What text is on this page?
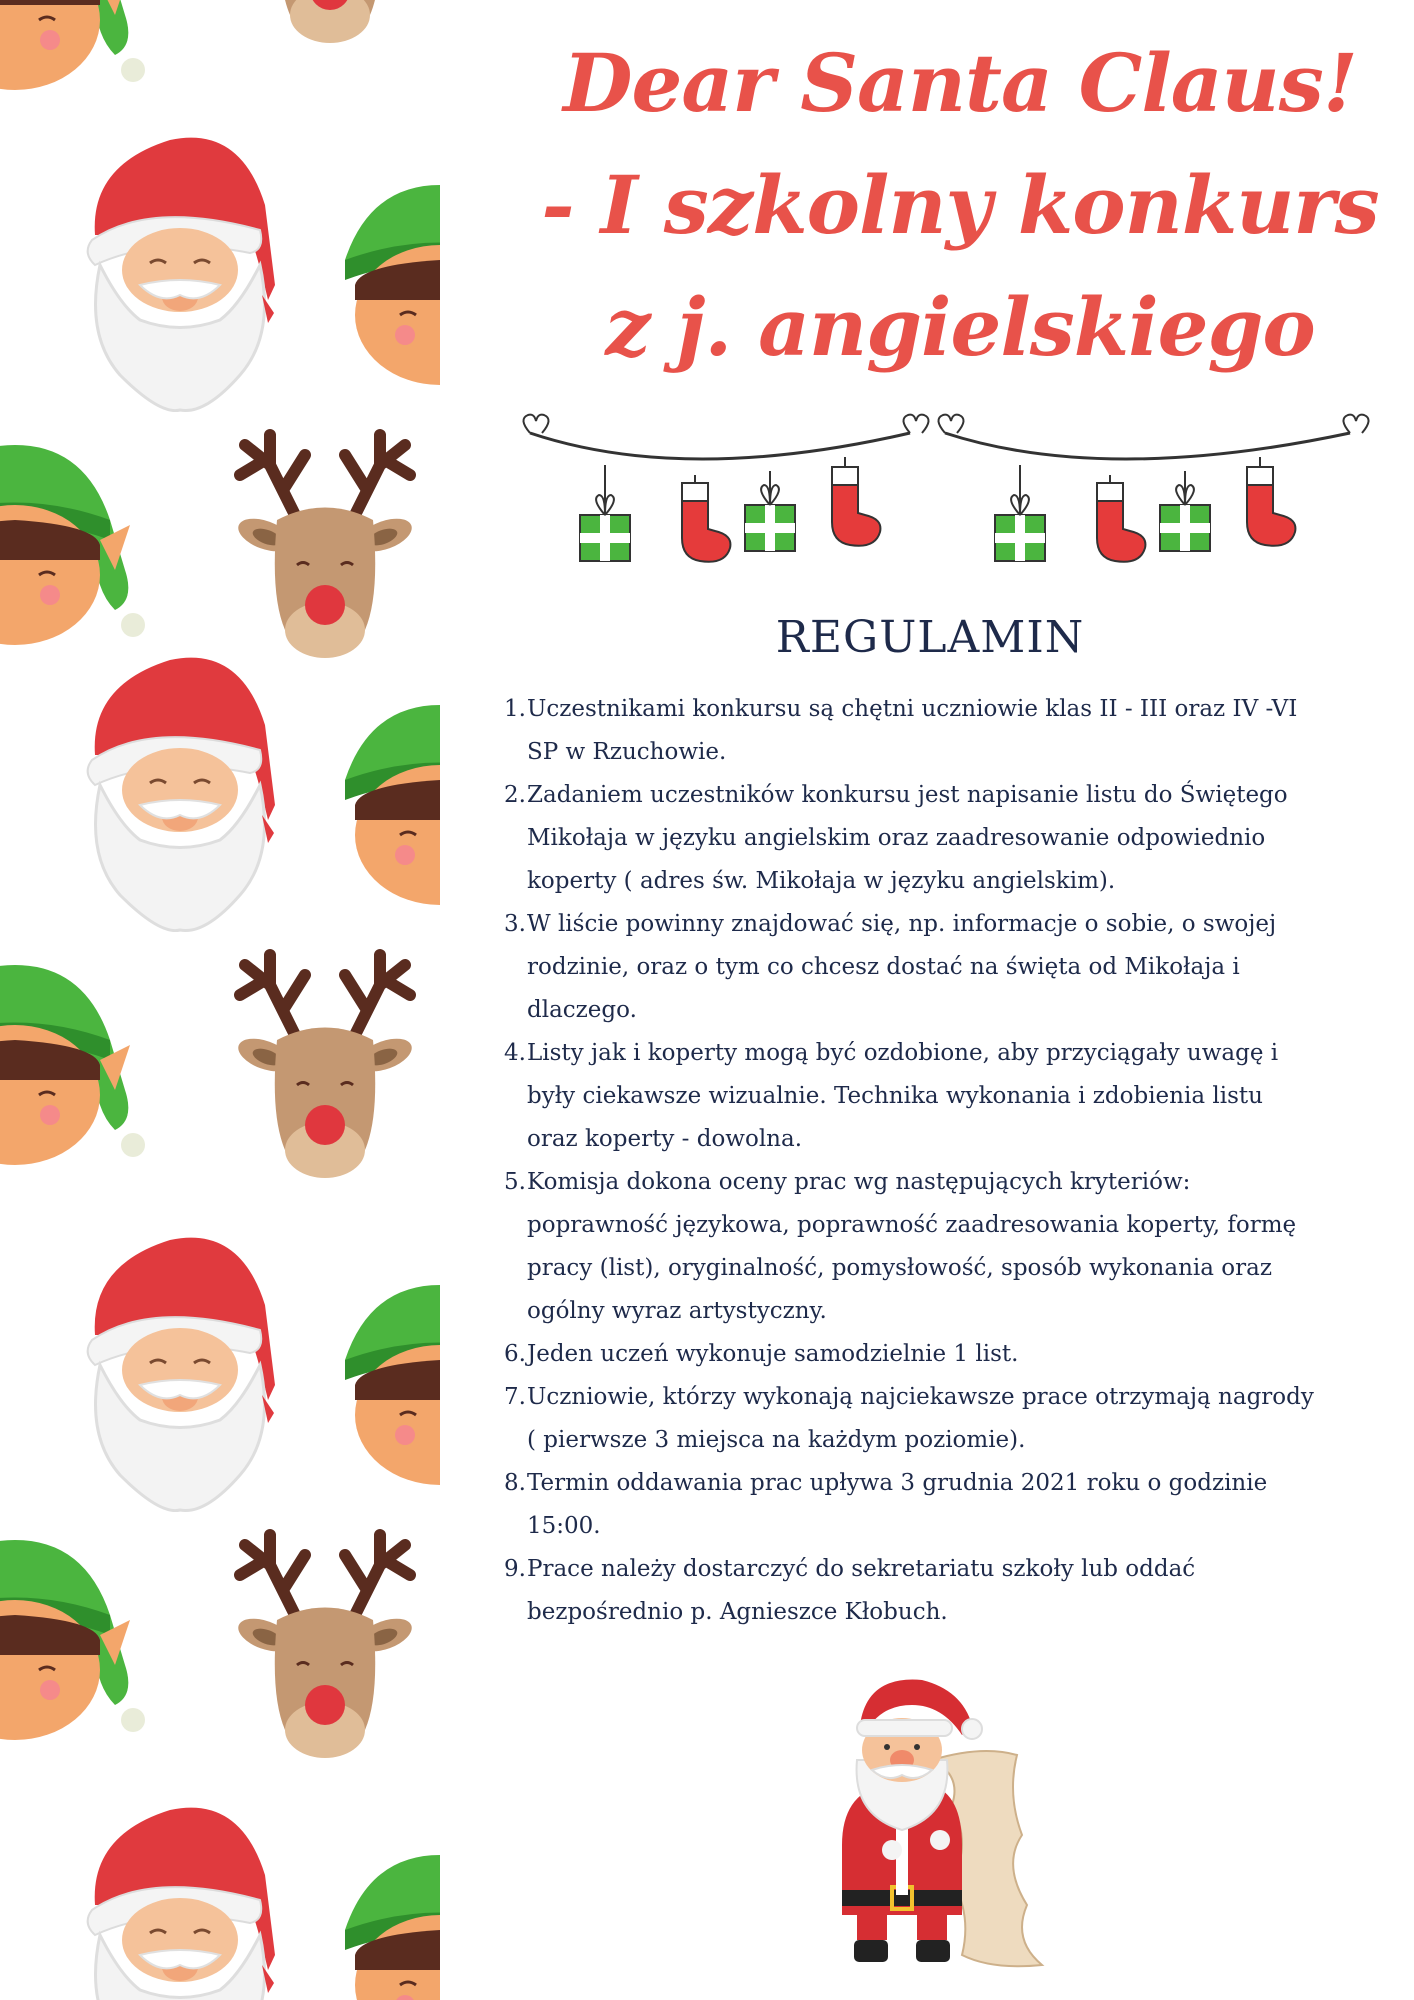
Dear Santa Claus!
- I szkolny konkurs
z j. angielskiego
REGULAMIN
1. Uczestnikami konkursu są chętni uczniowie klas II - III oraz IV -VI
SP w Rzuchowie.
2. Zadaniem uczestników konkursu jest napisanie listu do Świętego
Mikołaja w języku angielskim oraz zaadresowanie odpowiednio
koperty ( adres św. Mikołaja w języku angielskim).
3. W liście powinny znajdować się, np. informacje o sobie, o swojej
rodzinie, oraz o tym co chcesz dostać na święta od Mikołaja i
dlaczego.
4. Listy jak i koperty mogą być ozdobione, aby przyciągały uwagę i
były ciekawsze wizualnie. Technika wykonania i zdobienia listu
oraz koperty - dowolna.
5. Komisja dokona oceny prac wg następujących kryteriów:
poprawność językowa, poprawność zaadresowania koperty, formę
pracy (list), oryginalność, pomysłowość, sposób wykonania oraz
ogólny wyraz artystyczny.
6. Jeden uczeń wykonuje samodzielnie 1 list.
7. Uczniowie, którzy wykonają najciekawsze prace otrzymają nagrody
( pierwsze 3 miejsca na każdym poziomie).
8. Termin oddawania prac upływa 3 grudnia 2021 roku o godzinie
15:00.
9. Prace należy dostarczyć do sekretariatu szkoły lub oddać
bezpośrednio p. Agnieszce Kłobuch.
